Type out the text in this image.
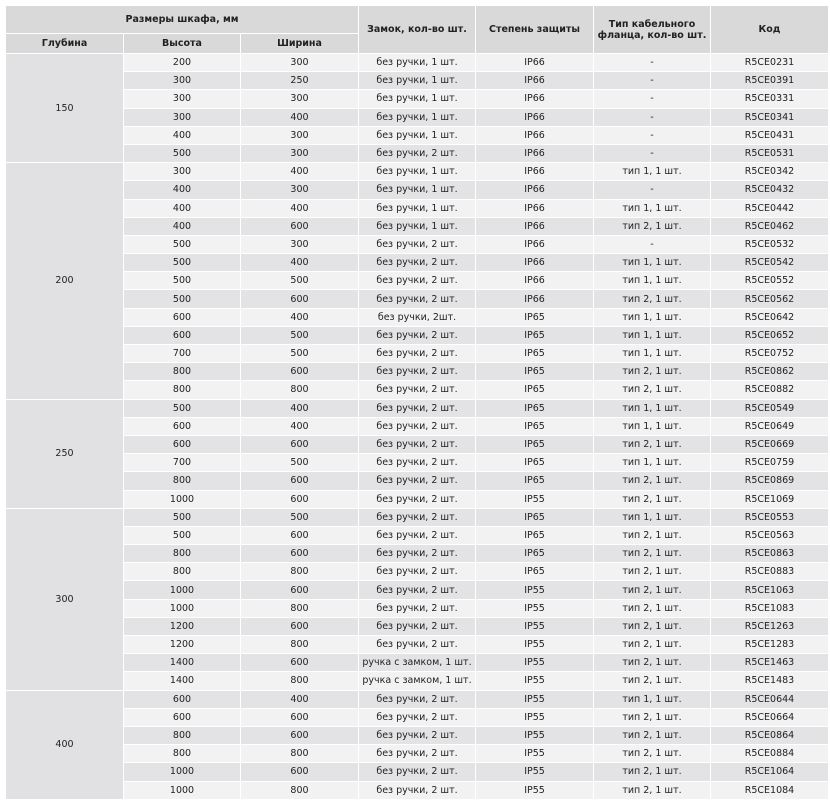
Размеры шкафа, мм			Замок, кол-во шт.	Степень защиты	Тип кабельного фланца, кол-во шт.	Код
Глубина	Высота	Ширина				
150	200	300	без ручки, 1 шт.	IP66	-	R5CE0231
	300	250	без ручки, 1 шт.	IP66	-	R5CE0391
	300	300	без ручки, 1 шт.	IP66	-	R5CE0331
	300	400	без ручки, 1 шт.	IP66	-	R5CE0341
	400	300	без ручки, 1 шт.	IP66	-	R5CE0431
	500	300	без ручки, 2 шт.	IP66	-	R5CE0531
200	300	400	без ручки, 1 шт.	IP66	тип 1, 1 шт.	R5CE0342
	400	300	без ручки, 1 шт.	IP66	-	R5CE0432
	400	400	без ручки, 1 шт.	IP66	тип 1, 1 шт.	R5CE0442
	400	600	без ручки, 1 шт.	IP66	тип 2, 1 шт.	R5CE0462
	500	300	без ручки, 2 шт.	IP66	-	R5CE0532
	500	400	без ручки, 2 шт.	IP66	тип 1, 1 шт.	R5CE0542
	500	500	без ручки, 2 шт.	IP66	тип 1, 1 шт.	R5CE0552
	500	600	без ручки, 2 шт.	IP66	тип 2, 1 шт.	R5CE0562
	600	400	без ручки, 2шт.	IP65	тип 1, 1 шт.	R5CE0642
	600	500	без ручки, 2 шт.	IP65	тип 1, 1 шт.	R5CE0652
	700	500	без ручки, 2 шт.	IP65	тип 1, 1 шт.	R5CE0752
	800	600	без ручки, 2 шт.	IP65	тип 2, 1 шт.	R5CE0862
	800	800	без ручки, 2 шт.	IP65	тип 2, 1 шт.	R5CE0882
250	500	400	без ручки, 2 шт.	IP65	тип 1, 1 шт.	R5CE0549
	600	400	без ручки, 2 шт.	IP65	тип 1, 1 шт.	R5CE0649
	600	600	без ручки, 2 шт.	IP65	тип 2, 1 шт.	R5CE0669
	700	500	без ручки, 2 шт.	IP65	тип 1, 1 шт.	R5CE0759
	800	600	без ручки, 2 шт.	IP65	тип 2, 1 шт.	R5CE0869
	1000	600	без ручки, 2 шт.	IP55	тип 2, 1 шт.	R5CE1069
300	500	500	без ручки, 2 шт.	IP65	тип 1, 1 шт.	R5CE0553
	500	600	без ручки, 2 шт.	IP65	тип 2, 1 шт.	R5CE0563
	800	600	без ручки, 2 шт.	IP65	тип 2, 1 шт.	R5CE0863
	800	800	без ручки, 2 шт.	IP65	тип 2, 1 шт.	R5CE0883
	1000	600	без ручки, 2 шт.	IP55	тип 2, 1 шт.	R5CE1063
	1000	800	без ручки, 2 шт.	IP55	тип 2, 1 шт.	R5CE1083
	1200	600	без ручки, 2 шт.	IP55	тип 2, 1 шт.	R5CE1263
	1200	800	без ручки, 2 шт.	IP55	тип 2, 1 шт.	R5CE1283
	1400	600	ручка с замком, 1 шт.	IP55	тип 2, 1 шт.	R5CE1463
	1400	800	ручка с замком, 1 шт.	IP55	тип 2, 1 шт.	R5CE1483
400	600	400	без ручки, 2 шт.	IP55	тип 1, 1 шт.	R5CE0644
	600	600	без ручки, 2 шт.	IP55	тип 2, 1 шт.	R5CE0664
	800	600	без ручки, 2 шт.	IP55	тип 2, 1 шт.	R5CE0864
	800	800	без ручки, 2 шт.	IP55	тип 2, 1 шт.	R5CE0884
	1000	600	без ручки, 2 шт.	IP55	тип 2, 1 шт.	R5CE1064
	1000	800	без ручки, 2 шт.	IP55	тип 2, 1 шт.	R5CE1084
